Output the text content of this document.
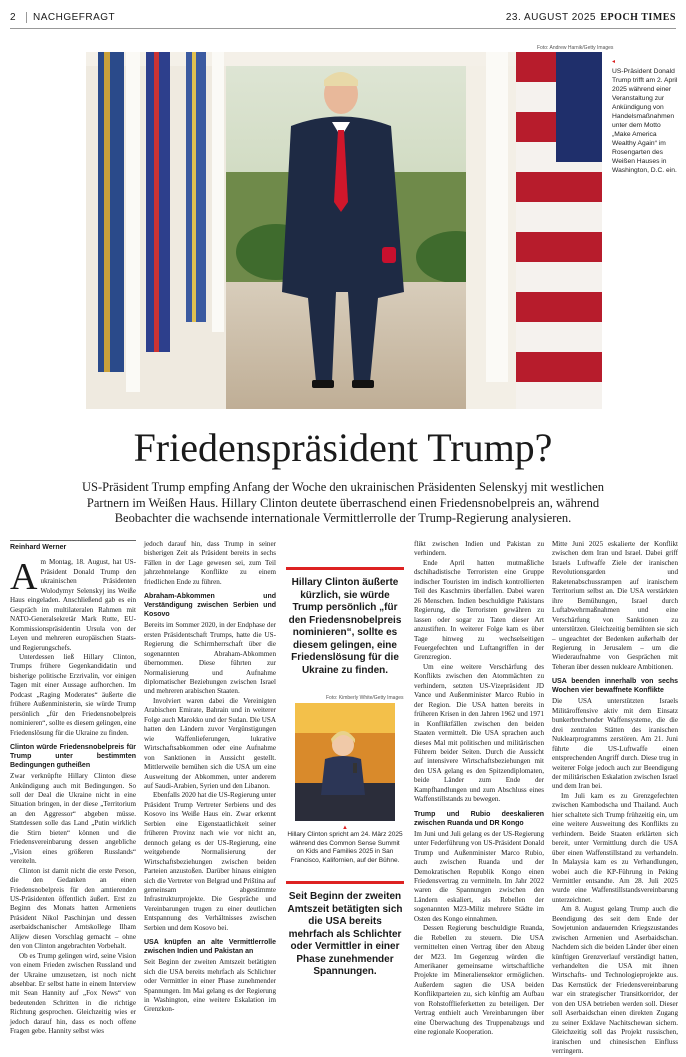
2	NACHGEFRAGT	23. AUGUST 2025 EPOCH TIMES
Foto: Andrew Harnik/Getty Images
◂
US-Präsident Donald Trump trifft am 2. April 2025 während einer Veranstaltung zur Ankündigung von Handelsmaßnahmen unter dem Motto „Make America Wealthy Again“ im Rosengarten des Weißen Hauses in Washington, D.C. ein.
Friedenspräsident Trump?
US-Präsident Trump empfing Anfang der Woche den ukrainischen Präsidenten Selenskyj mit westlichen Partnern im Weißen Haus. Hillary Clinton deutete überraschend einen Friedensnobelpreis an, während Beobachter die wachsende internationale Vermittlerrolle der Trump-Regierung analysieren.
Reinhard Werner

Am Montag, 18. August, hat US-Präsident Donald Trump den ukrainischen Präsidenten Wolodymyr Selenskyj ins Weiße Haus eingeladen. Anschließend gab es ein Gespräch im multilateralen Rahmen mit NATO-Generalsekretär Mark Rutte, EU-Kommissionspräsidentin Ursula von der Leyen und mehreren europäischen Staats- und Regierungschefs.

Unterdessen ließ Hillary Clinton, Trumps frühere Gegenkandidatin und bisherige politische Erzrivalin, vor einigen Tagen mit einer Aussage aufhorchen. Im Podcast „Raging Moderates“ äußerte die frühere Außenministerin, sie würde Trump persönlich „für den Friedensnobelpreis nominieren“, sollte es diesem gelingen, eine Friedenslösung für die Ukraine zu finden.

Clinton würde Friedensnobelpreis für Trump unter bestimmten Bedingungen gutheißen

Zwar verknüpfte Hillary Clinton diese Ankündigung auch mit Bedingungen. So soll der Deal die Ukraine nicht in eine Situation bringen, in der diese „Territorium an den Aggressor“ abgeben müsse. Stattdessen solle das Land „Putin wirklich die Stirn bieten“ können und die Friedensvereinbarung dessen angebliche „Vision eines größeren Russlands“ vereiteln.

Clinton ist damit nicht die erste Person, die den Gedanken an einen Friedensnobelpreis für den amtierenden US-Präsidenten öffentlich äußert. Erst zu Beginn des Monats hatten Armeniens Präsident Nikol Paschinjan und dessen aserbaidschanischer Amtskollege Ilham Alijew diesen Vorschlag gemacht – ohne den von Clinton angebrachten Vorbehalt.

Ob es Trump gelingen wird, seine Vision von einem Frieden zwischen Russland und der Ukraine umzusetzen, ist noch nicht absehbar. Er selbst hatte in einem Interview mit Sean Hannity auf „Fox News“ von bedeutenden Schritten in die richtige Richtung gesprochen. Gleichzeitig wies er jedoch darauf hin, dass es noch offene Fragen gebe. Hannity selbst wies

jedoch darauf hin, dass Trump in seiner bisherigen Zeit als Präsident bereits in sechs Fällen in der Lage gewesen sei, zum Teil jahrzehntelange Konflikte zu einem friedlichen Ende zu führen.

Abraham-Abkommen und Verständigung zwischen Serbien und Kosovo

Bereits im Sommer 2020, in der Endphase der ersten Präsidentschaft Trumps, hatte die US-Regierung die Schirmherrschaft über die sogenannten Abraham-Abkommen übernommen. Diese führten zur Normalisierung und Aufnahme diplomatischer Beziehungen zwischen Israel und mehreren arabischen Staaten.

Involviert waren dabei die Vereinigten Arabischen Emirate, Bahrain und in weiterer Folge auch Marokko und der Sudan. Die USA hatten den Ländern zuvor Vergünstigungen wie Waffenlieferungen, lukrative Wirtschaftsabkommen oder eine Aufnahme von Sanktionen in Aussicht gestellt. Mittlerweile bemühen sich die USA um eine Ausweitung der Abkommen, unter anderem auf Saudi-Arabien, Syrien und den Libanon.

Ebenfalls 2020 hat die US-Regierung unter Präsident Trump Vertreter Serbiens und des Kosovo ins Weiße Haus ein. Zwar erkennt Serbien eine Eigenstaatlichkeit seiner früheren Provinz nach wie vor nicht an, dennoch gelang es der US-Regierung, eine weitgehende Normalisierung der Wirtschaftsbeziehungen zwischen beiden Parteien anzustoßen. Darüber hinaus einigten sich die Vertreter von Belgrad und Priština auf gemeinsam abgestimmte Infrastrukturprojekte. Die Gespräche und Vereinbarungen trugen zu einer deutlichen Entspannung des Verhältnisses zwischen Serbien und dem Kosovo bei.

USA knüpfen an alte Vermittlerrolle zwischen Indien und Pakistan an

Seit Beginn der zweiten Amtszeit betätigten sich die USA bereits mehrfach als Schlichter oder Vermittler in einer Phase zunehmender Spannungen. Im Mai gelang es der Regierung in Washington, eine weitere Eskalation im Grenzkon-

Hillary Clinton äußerte kürzlich, sie würde Trump persönlich „für den Friedensnobelpreis nominieren“, sollte es diesem gelingen, eine Friedenslösung für die Ukraine zu finden.
Foto: Kimberly White/Getty Images
▲
Hillary Clinton spricht am 24. März 2025 während des Common Sense Summit on Kids and Families 2025 in San Francisco, Kalifornien, auf der Bühne.
Seit Beginn der zweiten Amtszeit betätigten sich die USA bereits mehrfach als Schlichter oder Vermittler in einer Phase zunehmender Spannungen.

flikt zwischen Indien und Pakistan zu verhindern.

Ende April hatten mutmaßliche dschihadistische Terroristen eine Gruppe indischer Touristen im indisch kontrollierten Teil des Kaschmirs überfallen. Dabei waren 26 Menschen. Indien beschuldigte Pakistans Regierung, die Terroristen gewähren zu lassen oder sogar zu Taten dieser Art anzustiften. In weiterer Folge kam es über Tage hinweg zu wechselseitigen Feuergefechten und Luftangriffen in der Grenzregion.

Um eine weitere Verschärfung des Konflikts zwischen den Atommächten zu verhindern, setzten US-Vizepräsident JD Vance und Außenminister Marco Rubio in der Region. Die USA hatten bereits in früheren Krisen in den Jahren 1962 und 1971 in Konfliktfällen zwischen den beiden Staaten vermittelt. Die USA sprachen auch dieses Mal mit politischen und militärischen Führern beider Seiten. Durch die Aussicht auf intensivere Wirtschaftsbeziehungen mit den USA gelang es den Spitzendiplomaten, beide Länder zum Ende der Kampfhandlungen und zum Abschluss eines Waffenstillstands zu bewegen.

Trump und Rubio deeskalieren zwischen Ruanda und DR Kongo

Im Juni und Juli gelang es der US-Regierung unter Federführung von US-Präsident Donald Trump und Außenminister Marco Rubio, auch zwischen Ruanda und der Demokratischen Republik Kongo einen Friedensvertrag zu vermitteln. Im Jahr 2022 waren die Spannungen zwischen den Ländern eskaliert, als Rebellen der sogenannten M23-Miliz mehrere Städte im Osten des Kongo einnahmen.

Dessen Regierung beschuldigte Ruanda, die Rebellen zu steuern. Die USA vermittelten einen Vertrag über den Abzug der M23. Im Gegenzug würden die Amerikaner gemeinsame wirtschaftliche Projekte im Mineraliensektor ermöglichen. Außerdem sagten die USA beiden Konfliktparteien zu, sich künftig am Aufbau von Rohstofflieferketten zu beteiligen. Der Vertrag enthielt auch Vereinbarungen über eine Überwachung des Truppenabzugs und eine regionale Kooperation.

Mitte Juni 2025 eskalierte der Konflikt zwischen dem Iran und Israel. Dabei griff Israels Luftwaffe Ziele der iranischen Revolutionsgarden und Raketenabschussrampen auf iranischem Territorium selbst an. Die USA verstärkten ihre Bemühungen, Israel durch Luftabwehrmaßnahmen und eine Verschärfung von Sanktionen zu unterstützen. Gleichzeitig bemühten sie sich – ungeachtet der Bedenken außerhalb der Regierung in Jerusalem – um die Wiederaufnahme von Gesprächen mit Teheran über dessen nukleare Ambitionen.

USA beenden innerhalb von sechs Wochen vier bewaffnete Konflikte

Die USA unterstützten Israels Militäroffensive aktiv mit dem Einsatz bunkerbrechender Waffensysteme, die die drei zentralen Stätten des iranischen Nuklearprogramms zerstören. Am 21. Juni führte die US-Luftwaffe einen entsprechenden Angriff durch. Diese trug in weiterer Folge jedoch auch zur Beendigung der militärischen Eskalation zwischen Israel und dem Iran bei.

Im Juli kam es zu Grenzgefechten zwischen Kambodscha und Thailand. Auch hier schaltete sich Trump frühzeitig ein, um eine weitere Ausweitung des Konflikts zu verhindern. Beide Staaten erklärten sich bereit, unter Vermittlung durch die USA über einen Waffenstillstand zu verhandeln. In Malaysia kam es zu Verhandlungen, wobei auch die KP-Führung in Peking Vermittler entsandte. Am 28. Juli 2025 wurde eine Waffenstillstandsvereinbarung unterzeichnet.

Am 8. August gelang Trump auch die Beendigung des seit dem Ende der Sowjetunion andauernden Kriegszustandes zwischen Armenien und Aserbaidschan. Nachdem sich die beiden Länder über einen künftigen Grenzverlauf verständigt hatten, verhandelten die USA mit ihnen Wirtschafts- und Technologieprojekte aus. Das Kernstück der Friedensvereinbarung war ein strategischer Transitkorridor, der von den USA betrieben werden soll. Dieser soll Aserbaidschan einen direkten Zugang zu seiner Exklave Nachitschewan sichern. Gleichzeitig soll das Projekt russischen, iranischen und chinesischen Einfluss verringern.
